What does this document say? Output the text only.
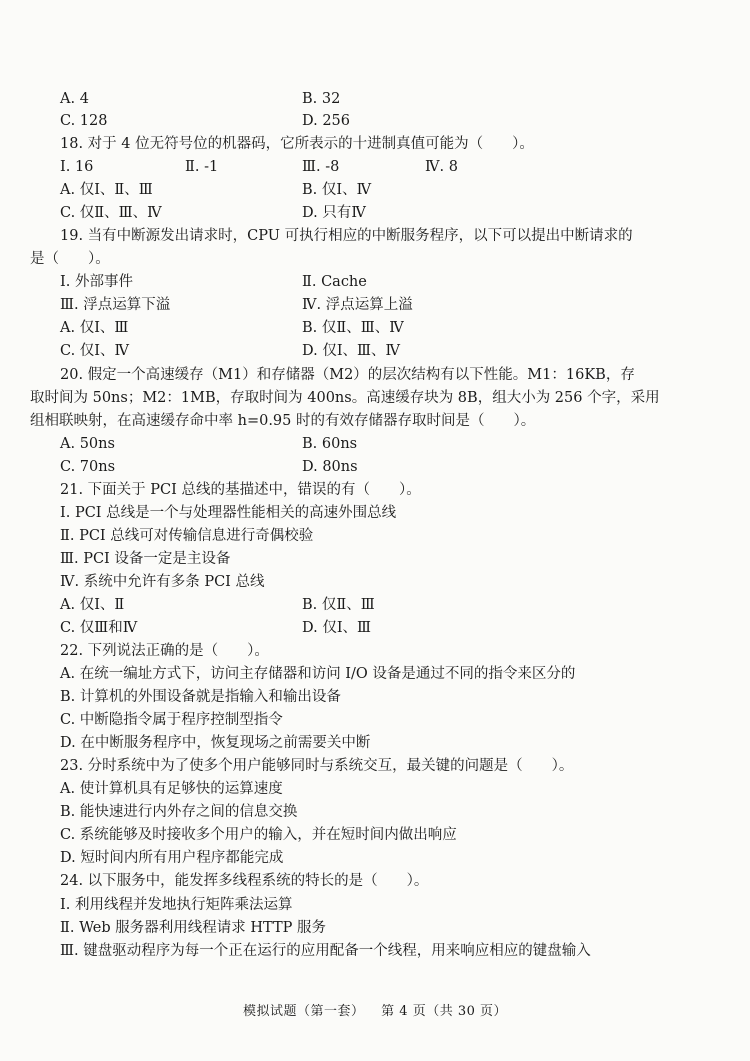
A. 4	B. 32
C. 128	D. 256
18. 对于 4 位无符号位的机器码，它所表示的十进制真值可能为（　　）。
Ⅰ. 16	Ⅱ. -1	Ⅲ. -8	Ⅳ. 8
A. 仅Ⅰ、Ⅱ、Ⅲ	B. 仅Ⅰ、Ⅳ
C. 仅Ⅱ、Ⅲ、Ⅳ	D. 只有Ⅳ
19. 当有中断源发出请求时，CPU 可执行相应的中断服务程序，以下可以提出中断请求的
是（　　）。
Ⅰ. 外部事件	Ⅱ. Cache
Ⅲ. 浮点运算下溢	Ⅳ. 浮点运算上溢
A. 仅Ⅰ、Ⅲ	B. 仅Ⅱ、Ⅲ、Ⅳ
C. 仅Ⅰ、Ⅳ	D. 仅Ⅰ、Ⅲ、Ⅳ
20. 假定一个高速缓存（M1）和存储器（M2）的层次结构有以下性能。M1：16KB，存
取时间为 50ns；M2：1MB，存取时间为 400ns。高速缓存块为 8B，组大小为 256 个字，采用
组相联映射，在高速缓存命中率 h=0.95 时的有效存储器存取时间是（　　）。
A. 50ns	B. 60ns
C. 70ns	D. 80ns
21. 下面关于 PCI 总线的基描述中，错误的有（　　）。
Ⅰ. PCI 总线是一个与处理器性能相关的高速外围总线
Ⅱ. PCI 总线可对传输信息进行奇偶校验
Ⅲ. PCI 设备一定是主设备
Ⅳ. 系统中允许有多条 PCI 总线
A. 仅Ⅰ、Ⅱ	B. 仅Ⅱ、Ⅲ
C. 仅Ⅲ和Ⅳ	D. 仅Ⅰ、Ⅲ
22. 下列说法正确的是（　　）。
A. 在统一编址方式下，访问主存储器和访问 I/O 设备是通过不同的指令来区分的
B. 计算机的外围设备就是指输入和输出设备
C. 中断隐指令属于程序控制型指令
D. 在中断服务程序中，恢复现场之前需要关中断
23. 分时系统中为了使多个用户能够同时与系统交互，最关键的问题是（　　）。
A. 使计算机具有足够快的运算速度
B. 能快速进行内外存之间的信息交换
C. 系统能够及时接收多个用户的输入，并在短时间内做出响应
D. 短时间内所有用户程序都能完成
24. 以下服务中，能发挥多线程系统的特长的是（　　）。
Ⅰ. 利用线程并发地执行矩阵乘法运算
Ⅱ. Web 服务器利用线程请求 HTTP 服务
Ⅲ. 键盘驱动程序为每一个正在运行的应用配备一个线程，用来响应相应的键盘输入
模拟试题（第一套） 第 4 页（共 30 页）
